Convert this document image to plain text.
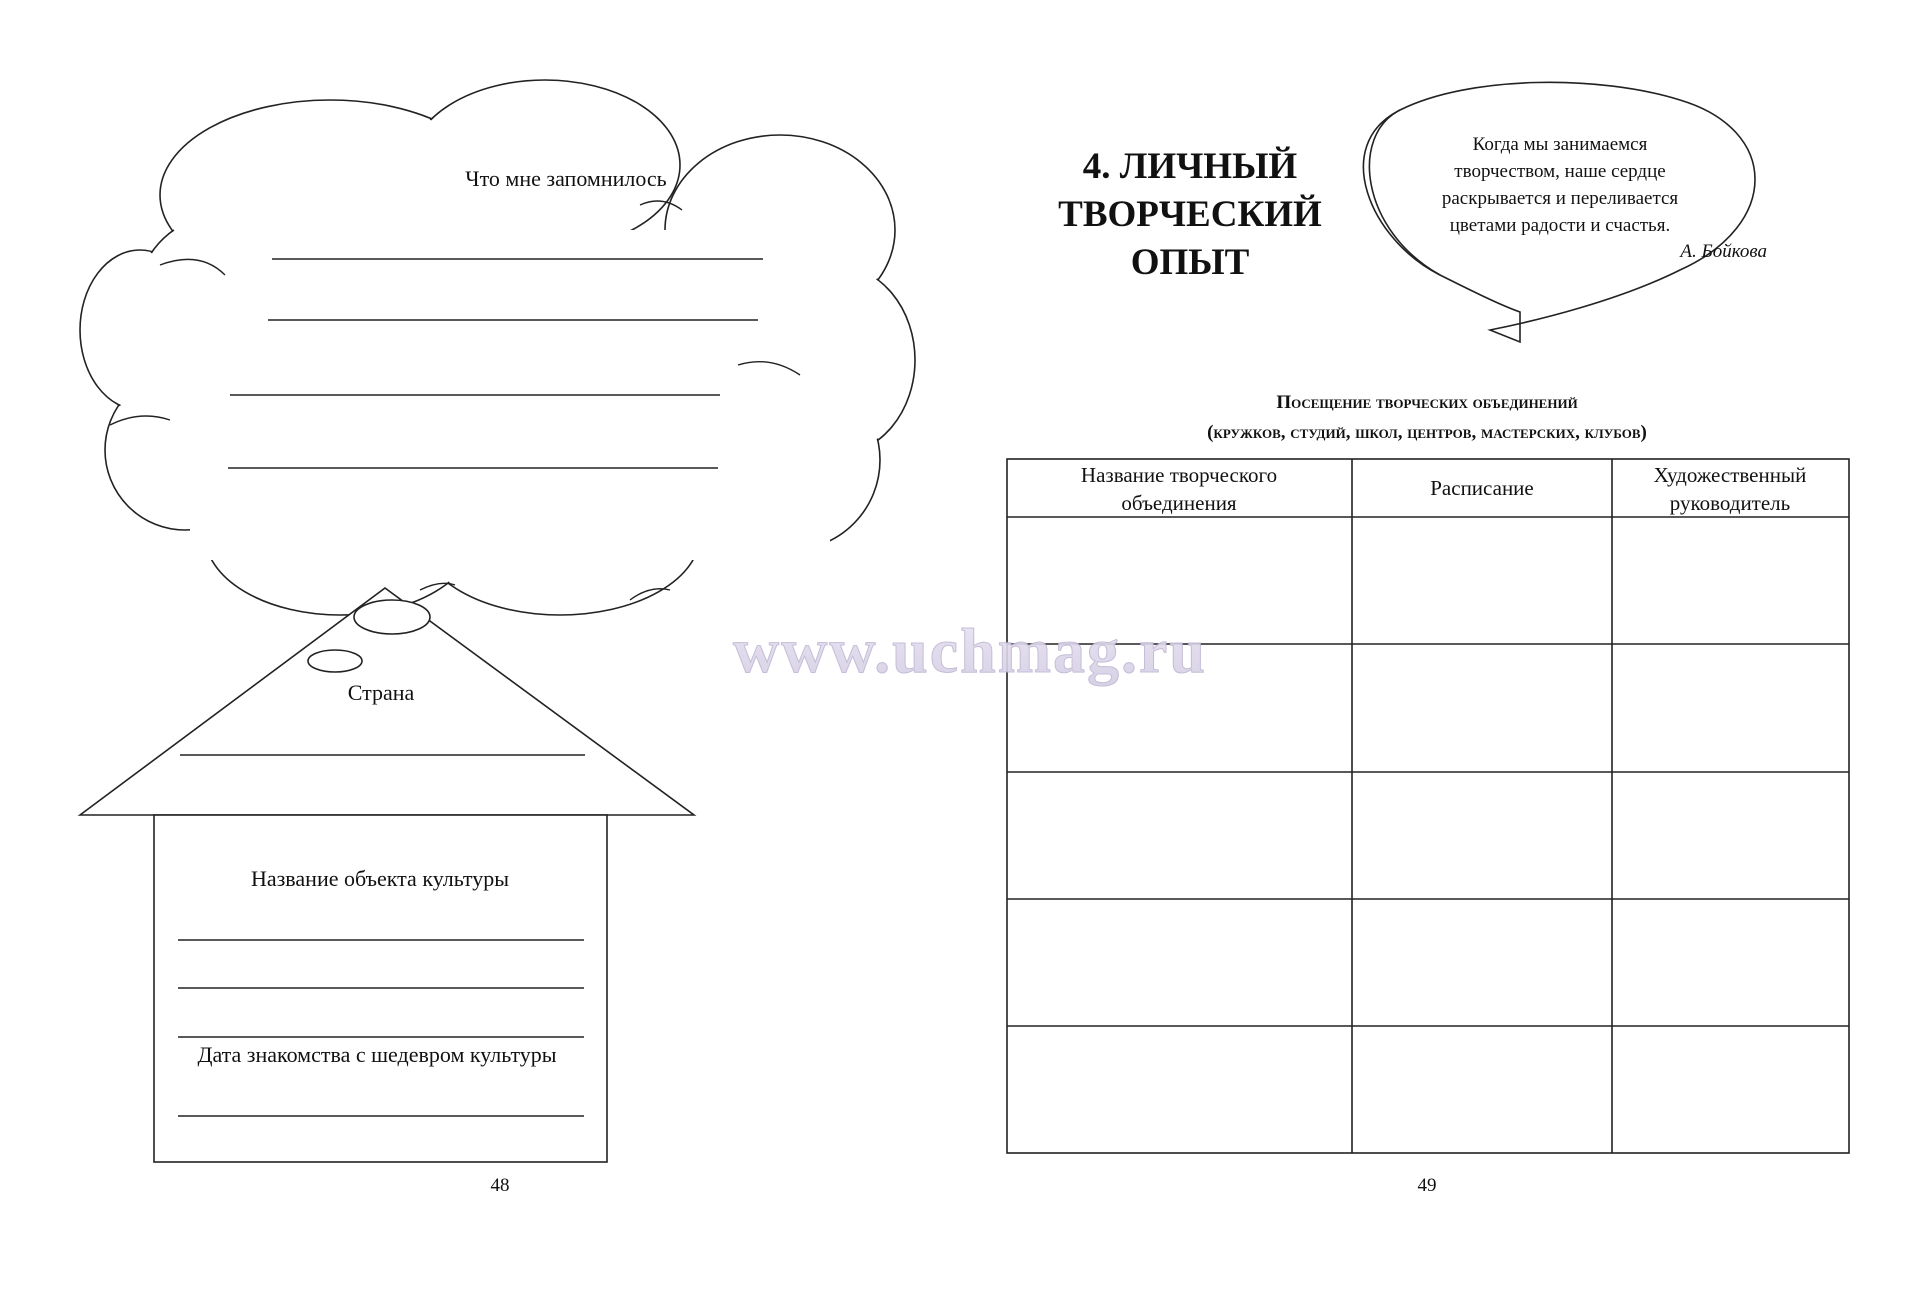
Что мне запомнилось
Страна
Название объекта культуры
Дата знакомства с шедевром культуры
48
4. ЛИЧНЫЙ
ТВОРЧЕСКИЙ
ОПЫТ
Когда мы занимаемся
творчеством, наше сердце
раскрывается и переливается
цветами радости и счастья.
А. Бойкова
Посещение творческих объединений
(кружков, студий, школ, центров, мастерских, клубов)
Название творческого
объединения
Расписание
Художественный
руководитель
49
www.uchmag.ru
